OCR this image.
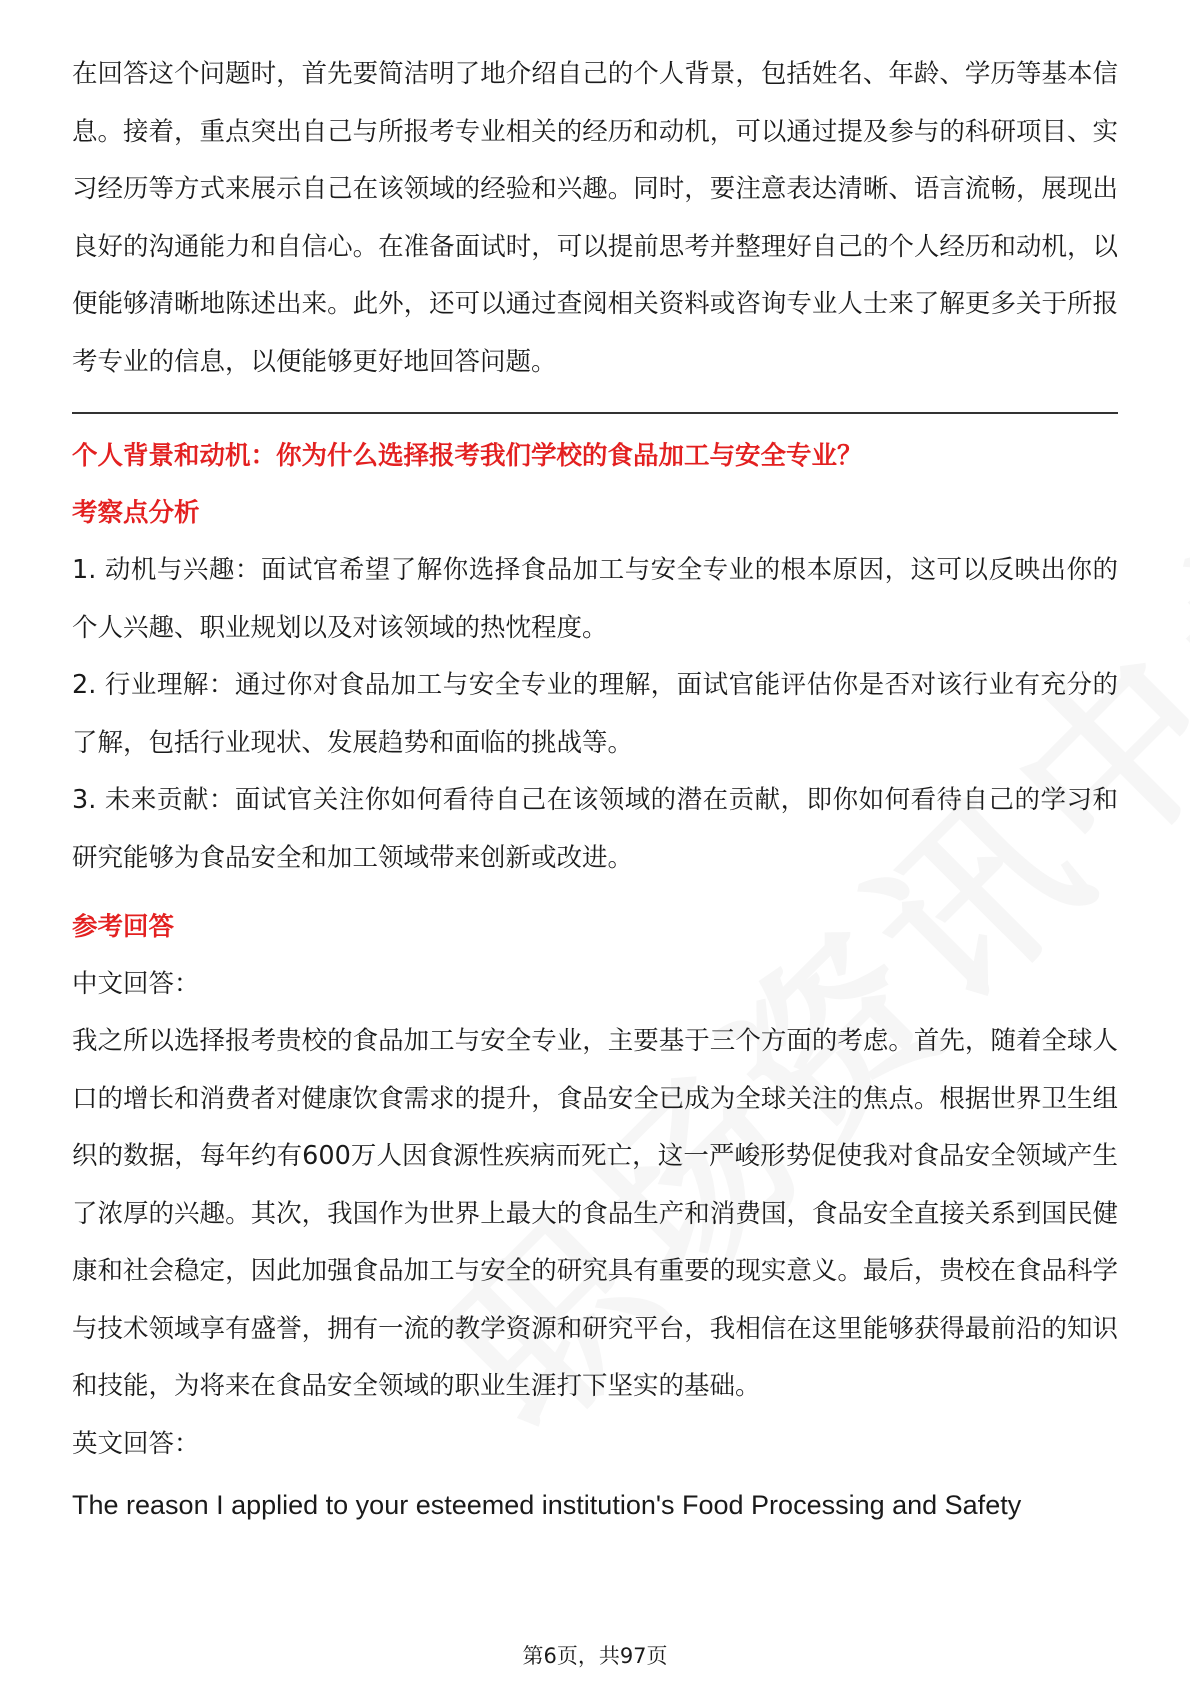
在回答这个问题时，首先要简洁明了地介绍自己的个人背景，包括姓名、年龄、学历等基本信息。接着，重点突出自己与所报考专业相关的经历和动机，可以通过提及参与的科研项目、实习经历等方式来展示自己在该领域的经验和兴趣。同时，要注意表达清晰、语言流畅，展现出良好的沟通能力和自信心。在准备面试时，可以提前思考并整理好自己的个人经历和动机，以便能够清晰地陈述出来。此外，还可以通过查阅相关资料或咨询专业人士来了解更多关于所报考专业的信息，以便能够更好地回答问题。

个人背景和动机：你为什么选择报考我们学校的食品加工与安全专业？

考察点分析

1. 动机与兴趣：面试官希望了解你选择食品加工与安全专业的根本原因，这可以反映出你的个人兴趣、职业规划以及对该领域的热忱程度。

2. 行业理解：通过你对食品加工与安全专业的理解，面试官能评估你是否对该行业有充分的了解，包括行业现状、发展趋势和面临的挑战等。

3. 未来贡献：面试官关注你如何看待自己在该领域的潜在贡献，即你如何看待自己的学习和研究能够为食品安全和加工领域带来创新或改进。

参考回答

中文回答：

我之所以选择报考贵校的食品加工与安全专业，主要基于三个方面的考虑。首先，随着全球人口的增长和消费者对健康饮食需求的提升，食品安全已成为全球关注的焦点。根据世界卫生组织的数据，每年约有600万人因食源性疾病而死亡，这一严峻形势促使我对食品安全领域产生了浓厚的兴趣。其次，我国作为世界上最大的食品生产和消费国，食品安全直接关系到国民健康和社会稳定，因此加强食品加工与安全的研究具有重要的现实意义。最后，贵校在食品科学与技术领域享有盛誉，拥有一流的教学资源和研究平台，我相信在这里能够获得最前沿的知识和技能，为将来在食品安全领域的职业生涯打下坚实的基础。

英文回答：

The reason I applied to your esteemed institution's Food Processing and Safety

第6页，共97页
